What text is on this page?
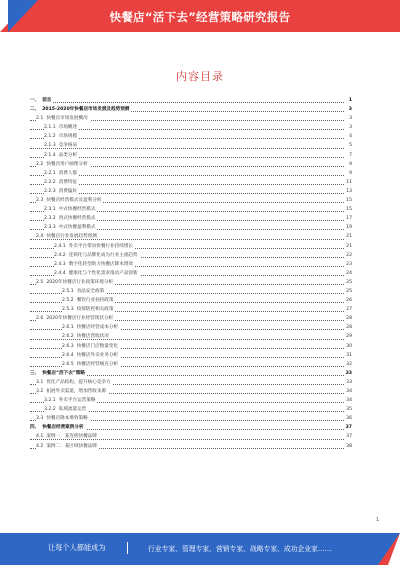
快餐店“活下去”经营策略研究报告
内容目录
一、 前言	1
二、 2015-2020年快餐店市场发展及趋势预测	3
2.1 快餐店市场发展概况	3
2.1.1 市场概述	3
2.1.2 市场规模	4
2.1.3 竞争格局	5
2.1.4 品类分析	7
2.2 快餐店用户画像分析	9
2.2.1 消费人群	9
2.2.2 消费特征	11
2.2.3 消费偏好	13
2.3 快餐店经营模式及盈利分析	15
2.3.1 中式快餐经营模式	15
2.3.2 西式快餐经营模式	17
2.3.3 中式快餐盈利模式	19
2.4 快餐店行业发展趋势预测	21
2.4.1 外卖平台带动快餐行业持续增长	21
2.4.2 连锁化与品牌化成为行业主流趋势	22
2.4.3 数字化转型助力快餐店降本增效	23
2.4.4 健康化与个性化需求推动产品创新	24
2.5 2020年快餐店行业政策环境分析	25
2.5.1 食品安全政策	25
2.5.2 餐饮行业扶持政策	26
2.5.3 疫情防控相关政策	27
2.6 2020年快餐店行业经营现状分析	28
2.6.1 快餐店经营成本分析	28
2.6.2 快餐店营收状况	29
2.6.3 快餐店门店数量变化	30
2.6.4 快餐店外卖业务分析	31
2.6.5 快餐店经营痛点分析	32
三、 快餐店“活下去”策略	33
3.1 优化产品结构，提升核心竞争力	33
3.2 拓展外卖渠道，增加营收来源	34
3.2.1 外卖平台运营策略	34
3.2.2 私域流量运营	35
3.3 快餐店降本增效策略	36
四、 快餐店经营案例分析	37
4.1 案例一：某连锁快餐品牌	37
4.2 案例二：某区域快餐品牌	38
1
让每个人都能成为	行业专家、管理专家、营销专家、战略专家、成功企业家……
